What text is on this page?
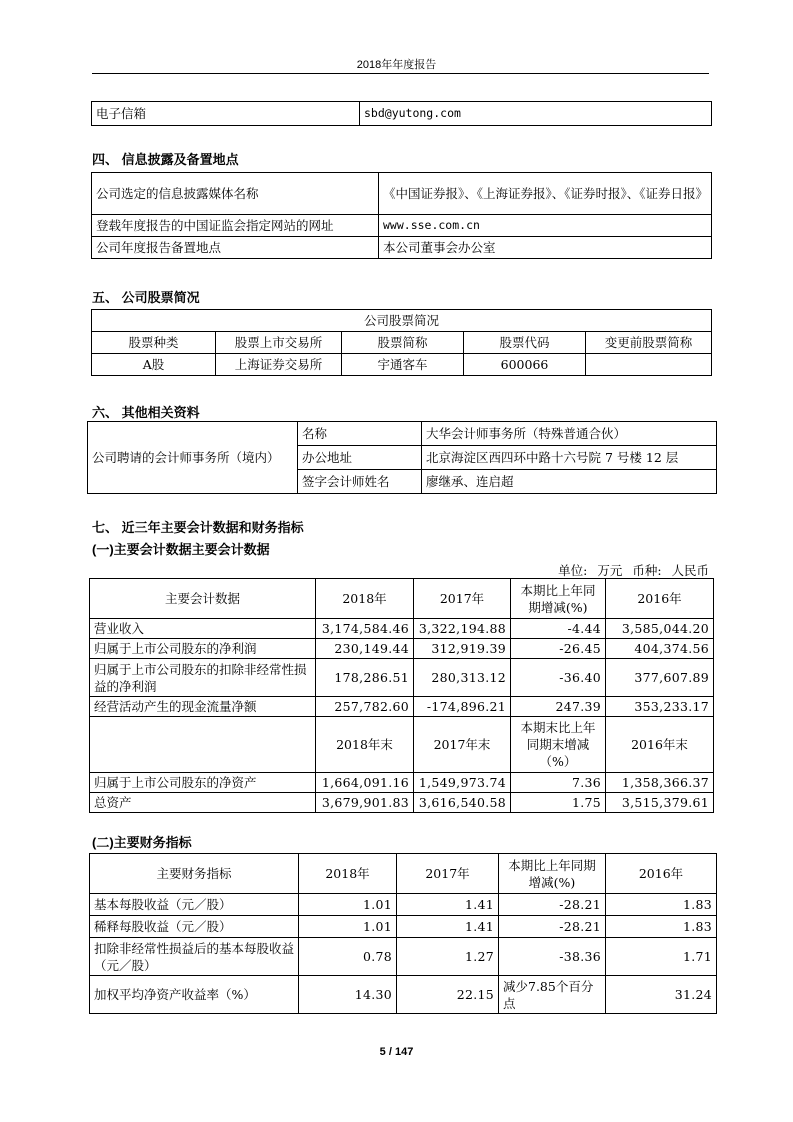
2018年年度报告
电子信箱	sbd@yutong.com
四、 信息披露及备置地点
公司选定的信息披露媒体名称	《中国证券报》、《上海证券报》、《证券时报》、《证券日报》
登载年度报告的中国证监会指定网站的网址	www.sse.com.cn
公司年度报告备置地点	本公司董事会办公室
五、 公司股票简况
公司股票简况				
股票种类	股票上市交易所	股票简称	股票代码	变更前股票简称
A股	上海证券交易所	宇通客车	600066	
六、 其他相关资料
公司聘请的会计师事务所（境内）	名称	大华会计师事务所（特殊普通合伙）
	办公地址	北京海淀区西四环中路十六号院 7 号楼 12 层
	签字会计师姓名	廖继承、连启超
七、 近三年主要会计数据和财务指标
(一)主要会计数据主要会计数据
单位: 万元 币种: 人民币
主要会计数据	2018年	2017年	本期比上年同期增减(%)	2016年
营业收入	3,174,584.46	3,322,194.88	-4.44	3,585,044.20
归属于上市公司股东的净利润	230,149.44	312,919.39	-26.45	404,374.56
归属于上市公司股东的扣除非经常性损益的净利润	178,286.51	280,313.12	-36.40	377,607.89
经营活动产生的现金流量净额	257,782.60	-174,896.21	247.39	353,233.17
	2018年末	2017年末	本期末比上年同期末增减（%）	2016年末
归属于上市公司股东的净资产	1,664,091.16	1,549,973.74	7.36	1,358,366.37
总资产	3,679,901.83	3,616,540.58	1.75	3,515,379.61
(二)主要财务指标
主要财务指标	2018年	2017年	本期比上年同期增减(%)	2016年
基本每股收益（元／股）	1.01	1.41	-28.21	1.83
稀释每股收益（元／股）	1.01	1.41	-28.21	1.83
扣除非经常性损益后的基本每股收益（元／股）	0.78	1.27	-38.36	1.71
加权平均净资产收益率（%）	14.30	22.15	减少7.85个百分点	31.24
5 / 147
